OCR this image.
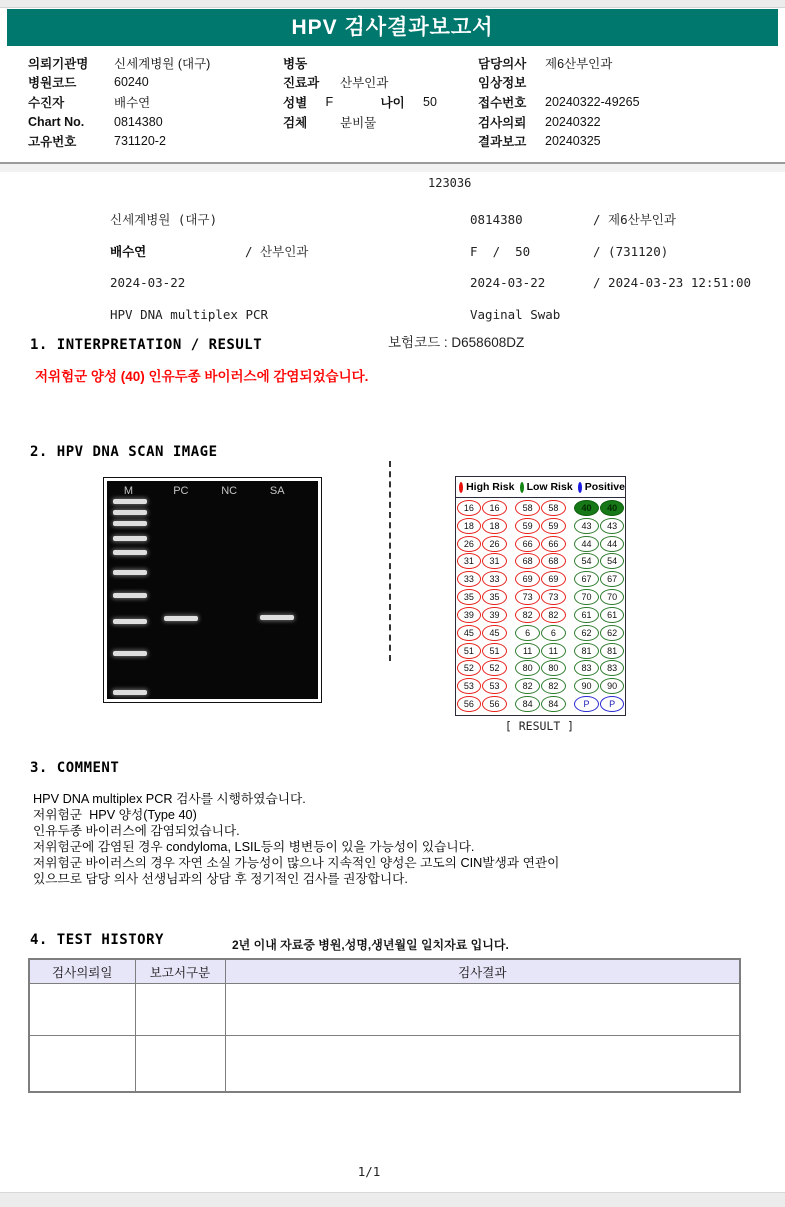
HPV 검사결과보고서
의뢰기관명	신세계병원 (대구)
병원코드	60240
수진자	배수연
Chart No.	0814380
고유번호	731120-2
병동
진료과	산부인과
성별	F	나이	50
검체	분비물
담당의사	제6산부인과
임상정보
접수번호	20240322-49265
검사의뢰	20240322
결과보고	20240325
123036
신세계병원 (대구)	0814380	/ 제6산부인과
배수연	/ 산부인과	F  /  50	/ (731120)
2024-03-22	2024-03-22	/ 2024-03-23 12:51:00
HPV DNA multiplex PCR	Vaginal Swab
1. INTERPRETATION / RESULT	보험코드 : D658608DZ
저위험군 양성 (40) 인유두종 바이러스에 감염되었습니다.
2. HPV DNA SCAN IMAGE
M	PC	NC	SA	High Risk Low Risk Positive
16	16	58	58	40	40
18	18	59	59	43	43
26	26	66	66	44	44
31	31	68	68	54	54
33	33	69	69	67	67
35	35	73	73	70	70
39	39	82	82	61	61
45	45	6	6	62	62
51	51	11	11	81	81
52	52	80	80	83	83
53	53	82	82	90	90
56	56	84	84	P	P
[ RESULT ]
3. COMMENT
HPV DNA multiplex PCR 검사를 시행하였습니다.
저위험군  HPV 양성(Type 40)
인유두종 바이러스에 감염되었습니다.
저위험군에 감염된 경우 condyloma, LSIL등의 병변등이 있을 가능성이 있습니다.
저위험군 바이러스의 경우 자연 소실 가능성이 많으나 지속적인 양성은 고도의 CIN발생과 연관이
있으므로 담당 의사 선생님과의 상담 후 정기적인 검사를 권장합니다.
4. TEST HISTORY	2년 이내 자료중 병원,성명,생년월일 일치자료 입니다.
검사의뢰일	보고서구분	검사결과

1/1
